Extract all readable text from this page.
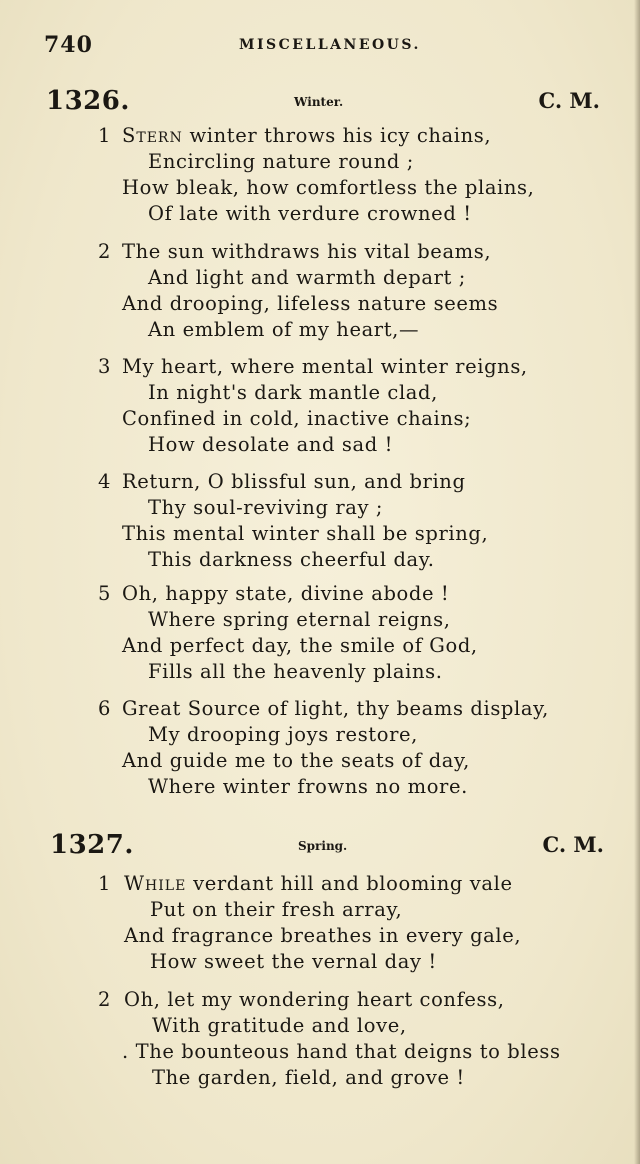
740	MISCELLANEOUS.
1326.	Winter.	C. M.
1 Stern winter throws his icy chains,
Encircling nature round ;
How bleak, how comfortless the plains,
Of late with verdure crowned !
2 The sun withdraws his vital beams,
And light and warmth depart ;
And drooping, lifeless nature seems
An emblem of my heart,—
3 My heart, where mental winter reigns,
In night's dark mantle clad,
Confined in cold, inactive chains;
How desolate and sad !
4 Return, O blissful sun, and bring
Thy soul-reviving ray ;
This mental winter shall be spring,
This darkness cheerful day.
5 Oh, happy state, divine abode !
Where spring eternal reigns,
And perfect day, the smile of God,
Fills all the heavenly plains.
6 Great Source of light, thy beams display,
My drooping joys restore,
And guide me to the seats of day,
Where winter frowns no more.
1327.	Spring.	C. M.
1 While verdant hill and blooming vale
Put on their fresh array,
And fragrance breathes in every gale,
How sweet the vernal day !
2 Oh, let my wondering heart confess,
With gratitude and love,
. The bounteous hand that deigns to bless
The garden, field, and grove !
